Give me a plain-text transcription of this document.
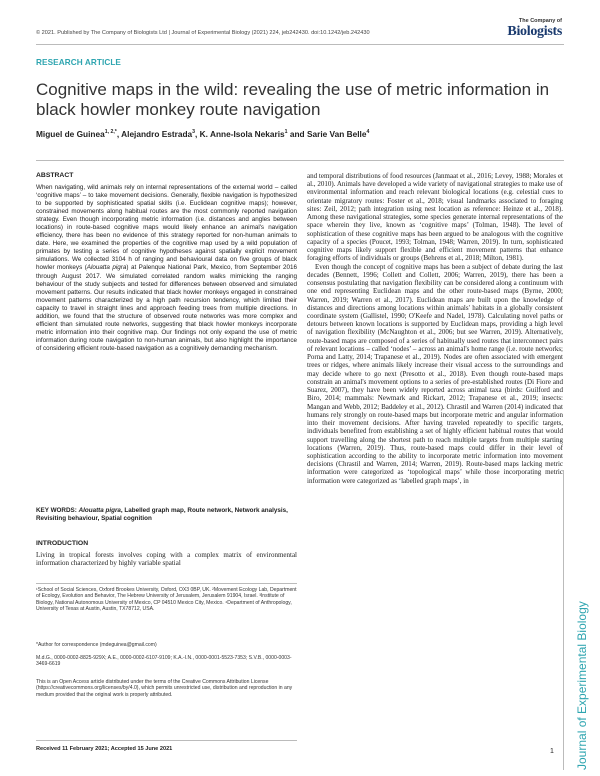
© 2021. Published by The Company of Biologists Ltd | Journal of Experimental Biology (2021) 224, jeb242430. doi:10.1242/jeb.242430
The Company of
Biologists
RESEARCH ARTICLE
Cognitive maps in the wild: revealing the use of metric information in black howler monkey route navigation
Miguel de Guinea$^{1, 2,*}$, Alejandro Estrada$^3$, K. Anne-Isola Nekaris$^1$ and Sarie Van Belle$^4$
ABSTRACT

When navigating, wild animals rely on internal representations of the external world – called ‘cognitive maps’ – to take movement decisions. Generally, flexible navigation is hypothesized to be supported by sophisticated spatial skills (i.e. Euclidean cognitive maps); however, constrained movements along habitual routes are the most commonly reported navigation strategy. Even though incorporating metric information (i.e. distances and angles between locations) in route-based cognitive maps would likely enhance an animal's navigation efficiency, there has been no evidence of this strategy reported for non-human animals to date. Here, we examined the properties of the cognitive map used by a wild population of primates by testing a series of cognitive hypotheses against spatially explicit movement simulations. We collected 3104 h of ranging and behavioural data on five groups of black howler monkeys (Alouatta pigra) at Palenque National Park, Mexico, from September 2016 through August 2017. We simulated correlated random walks mimicking the ranging behaviour of the study subjects and tested for differences between observed and simulated movement patterns. Our results indicated that black howler monkeys engaged in constrained movement patterns characterized by a high path recursion tendency, which limited their capacity to travel in straight lines and approach feeding trees from multiple directions. In addition, we found that the structure of observed route networks was more complex and efficient than simulated route networks, suggesting that black howler monkeys incorporate metric information into their cognitive map. Our findings not only expand the use of metric information during route navigation to non-human animals, but also highlight the importance of considering efficient route-based navigation as a cognitively demanding mechanism.

KEY WORDS: Alouatta pigra, Labelled graph map, Route network, Network analysis, Revisiting behaviour, Spatial cognition
INTRODUCTION
Living in tropical forests involves coping with a complex matrix of environmental information characterized by highly variable spatial

¹School of Social Sciences, Oxford Brookes University, Oxford, OX3 0BP, UK. ²Movement Ecology Lab, Department of Ecology, Evolution and Behavior, The Hebrew University of Jerusalem, Jerusalem 91904, Israel. ³Institute of Biology, National Autonomous University of Mexico, CP 04510 Mexico City, Mexico. ⁴Department of Anthropology, University of Texas at Austin, Austin, TX78712, USA.

*Author for correspondence (mdeguinea@gmail.com)
M.d.G., 0000-0002-8825-929X; A.E., 0000-0002-6107-9109; K.A.-I.N., 0000-0001-5523-7353; S.V.B., 0000-0003-3469-6619
This is an Open Access article distributed under the terms of the Creative Commons Attribution License (https://creativecommons.org/licenses/by/4.0), which permits unrestricted use, distribution and reproduction in any medium provided that the original work is properly attributed.
Received 11 February 2021; Accepted 15 June 2021

and temporal distributions of food resources (Janmaat et al., 2016; Levey, 1988; Morales et al., 2010). Animals have developed a wide variety of navigational strategies to make use of environmental information and reach relevant biological locations (e.g. celestial cues to orientate migratory routes: Foster et al., 2018; visual landmarks associated to foraging sites: Zeil, 2012; path integration using nest location as reference: Heinze et al., 2018). Among these navigational strategies, some species generate internal representations of the space wherein they live, known as ‘cognitive maps’ (Tolman, 1948). The level of sophistication of these cognitive maps has been argued to be analogous with the cognitive capacity of a species (Poucet, 1993; Tolman, 1948; Warren, 2019). In turn, sophisticated cognitive maps likely support flexible and efficient movement patterns that enhance foraging efforts of individuals or groups (Behrens et al., 2018; Milton, 1981).

Even though the concept of cognitive maps has been a subject of debate during the last decades (Bennett, 1996; Collett and Collett, 2006; Warren, 2019), there has been a consensus postulating that navigation flexibility can be considered along a continuum with one end representing Euclidean maps and the other route-based maps (Byrne, 2000; Warren, 2019; Warren et al., 2017). Euclidean maps are built upon the knowledge of distances and directions among locations within animals' habitats in a globally consistent coordinate system (Gallistel, 1990; O'Keefe and Nadel, 1978). Calculating novel paths or detours between known locations is supported by Euclidean maps, providing a high level of navigation flexibility (McNaughton et al., 2006; but see Warren, 2019). Alternatively, route-based maps are composed of a series of habitually used routes that interconnect pairs of relevant locations – called ‘nodes’ – across an animal's home range (i.e. route networks; Porna and Latty, 2014; Trapanese et al., 2019). Nodes are often associated with emergent trees or ridges, where animals likely increase their visual access to the surroundings and may decide where to go next (Presotto et al., 2018). Even though route-based maps constrain an animal's movement options to a series of pre-established routes (Di Fiore and Suarez, 2007), they have been widely reported across animal taxa (birds: Guilford and Biro, 2014; mammals: Newmark and Rickart, 2012; Trapanese et al., 2019; insects: Mangan and Webb, 2012; Baddeley et al., 2012). Chrastil and Warren (2014) indicated that humans rely strongly on route-based maps but incorporate metric and angular information into their movement decisions. After having traveled repeatedly to specific targets, individuals benefited from establishing a set of highly efficient habitual routes that would support travelling along the shortest path to reach multiple targets from multiple starting locations (Warren, 2019). Thus, route-based maps could differ in their level of sophistication according to the ability to incorporate metric information into movement decisions (Chrastil and Warren, 2014; Warren, 2019). Route-based maps lacking metric information were categorized as ‘topological maps’ while those incorporating metric information were categorized as ‘labelled graph maps’, in

Journal of Experimental Biology
1
